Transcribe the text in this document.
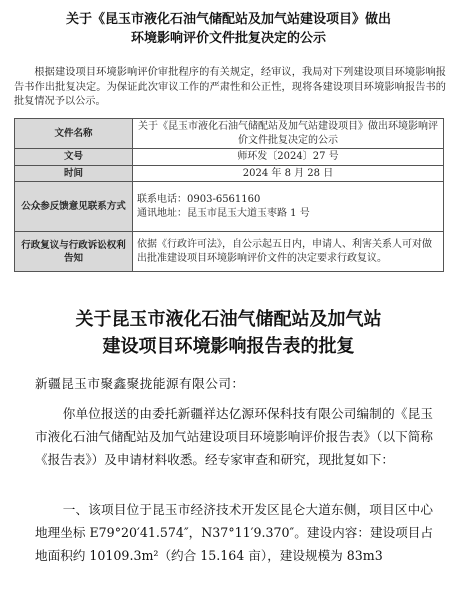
关于《昆玉市液化石油气储配站及加气站建设项目》做出
环境影响评价文件批复决定的公示

根据建设项目环境影响评价审批程序的有关规定，经审议，我局对下列建设项目环境影响报告书作出批复决定。为保证此次审议工作的严肃性和公正性，现将各建设项目环境影响报告书的批复情况予以公示。

文件名称	关于《昆玉市液化石油气储配站及加气站建设项目》做出环境影响评价文件批复决定的公示
文号	师环发〔2024〕27 号
时间	2024 年 8 月 28 日
公众参反馈意见联系方式	联系电话：0903-6561160
通讯地址：昆玉市昆玉大道玉枣路 1 号

行政复议与行政诉讼权利告知	依据《行政许可法》，自公示起五日内，申请人、利害关系人可对做出批准建设项目环境影响评价文件的决定要求行政复议。
关于昆玉市液化石油气储配站及加气站
建设项目环境影响报告表的批复

新疆昆玉市聚鑫聚拢能源有限公司：

你单位报送的由委托新疆祥达亿源环保科技有限公司编制的《昆玉市液化石油气储配站及加气站建设项目环境影响评价报告表》（以下简称《报告表》）及申请材料收悉。经专家审查和研究，现批复如下：

一、该项目位于昆玉市经济技术开发区昆仑大道东侧，项目区中心地理坐标 E79°20′41.574″，N37°11′9.370″。建设内容：建设项目占地面积约 10109.3m²（约合 15.164 亩），建设规模为 83m3
